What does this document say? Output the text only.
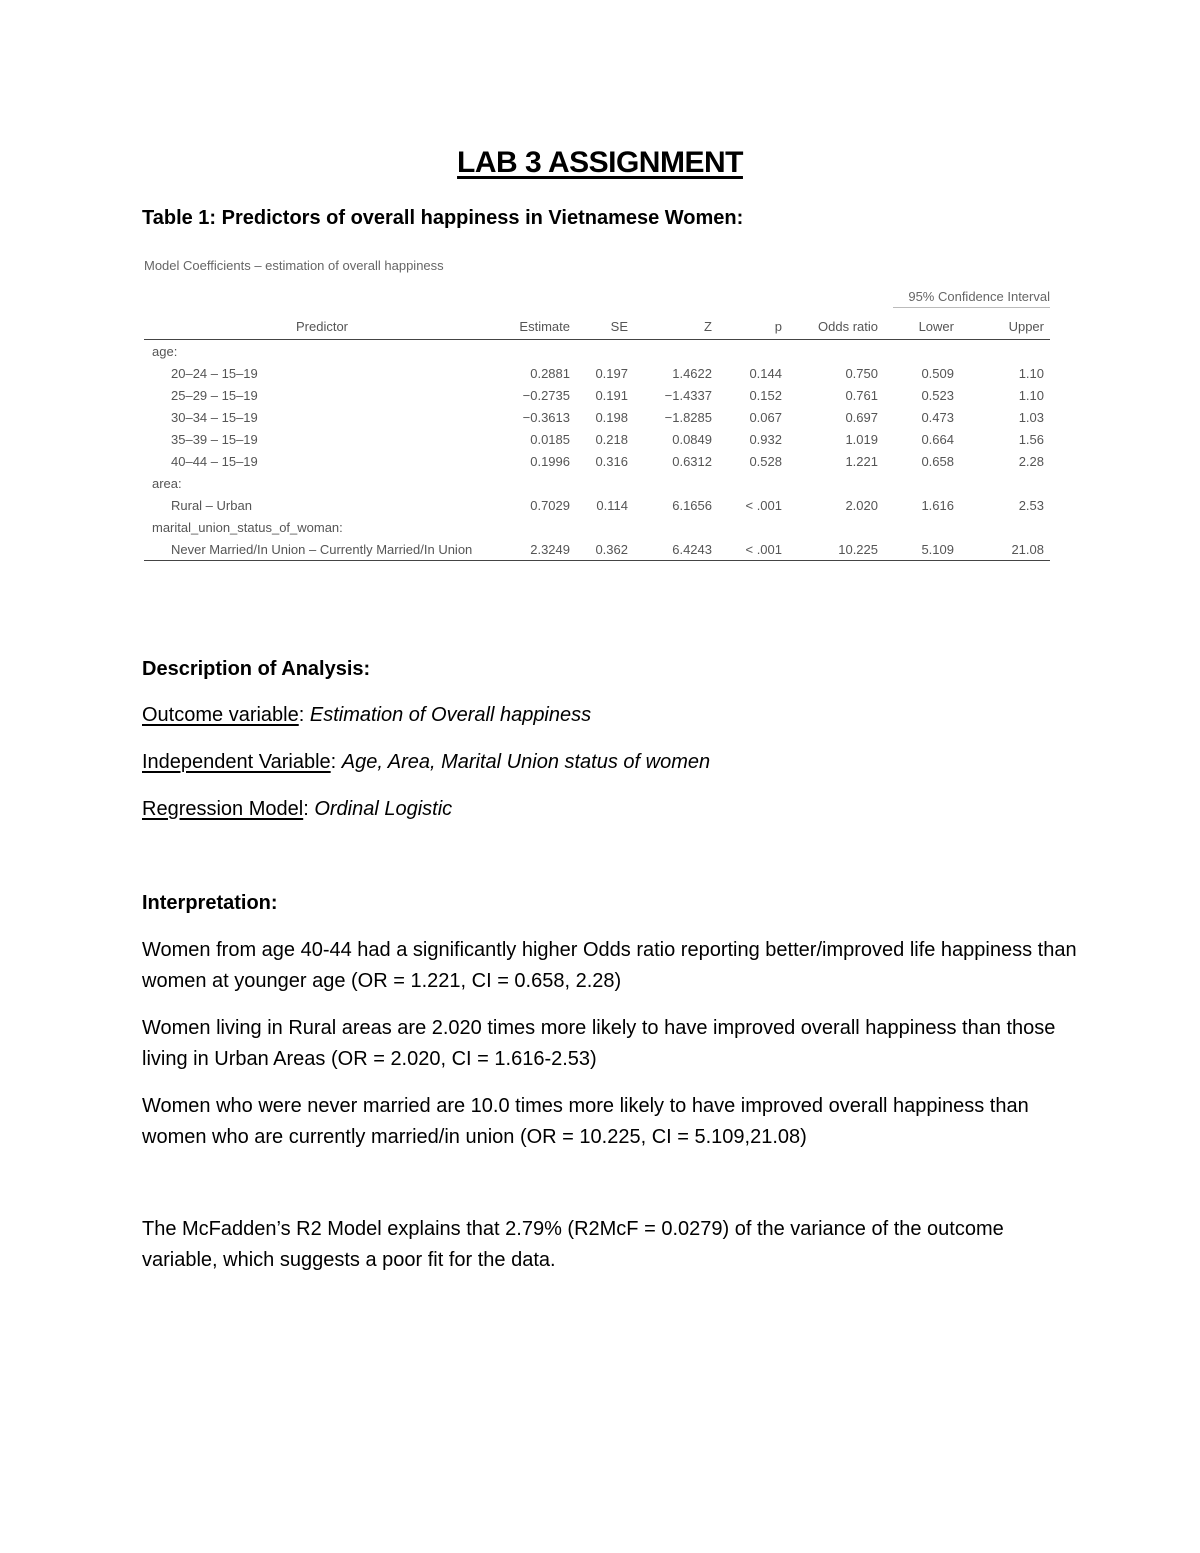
LAB 3 ASSIGNMENT
Table 1: Predictors of overall happiness in Vietnamese Women:
Model Coefficients – estimation of overall happiness
95% Confidence Interval
Predictor	Estimate	SE	Z	p	Odds ratio	Lower	Upper
age:							
20–24 – 15–19	0.2881	0.197	1.4622	0.144	0.750	0.509	1.10
25–29 – 15–19	−0.2735	0.191	−1.4337	0.152	0.761	0.523	1.10
30–34 – 15–19	−0.3613	0.198	−1.8285	0.067	0.697	0.473	1.03
35–39 – 15–19	0.0185	0.218	0.0849	0.932	1.019	0.664	1.56
40–44 – 15–19	0.1996	0.316	0.6312	0.528	1.221	0.658	2.28
area:							
Rural – Urban	0.7029	0.114	6.1656	< .001	2.020	1.616	2.53
marital_union_status_of_woman:							
Never Married/In Union – Currently Married/In Union	2.3249	0.362	6.4243	< .001	10.225	5.109	21.08
Description of Analysis:
Outcome variable: Estimation of Overall happiness
Independent Variable: Age, Area, Marital Union status of women
Regression Model: Ordinal Logistic
Interpretation:
Women from age 40-44 had a significantly higher Odds ratio reporting better/improved life happiness than women at younger age (OR = 1.221, CI = 0.658, 2.28)
Women living in Rural areas are 2.020 times more likely to have improved overall happiness than those living in Urban Areas (OR = 2.020, CI = 1.616-2.53)
Women who were never married are 10.0 times more likely to have improved overall happiness than women who are currently married/in union (OR = 10.225, CI = 5.109,21.08)
The McFadden’s R2 Model explains that 2.79% (R2McF = 0.0279) of the variance of the outcome variable, which suggests a poor fit for the data.
